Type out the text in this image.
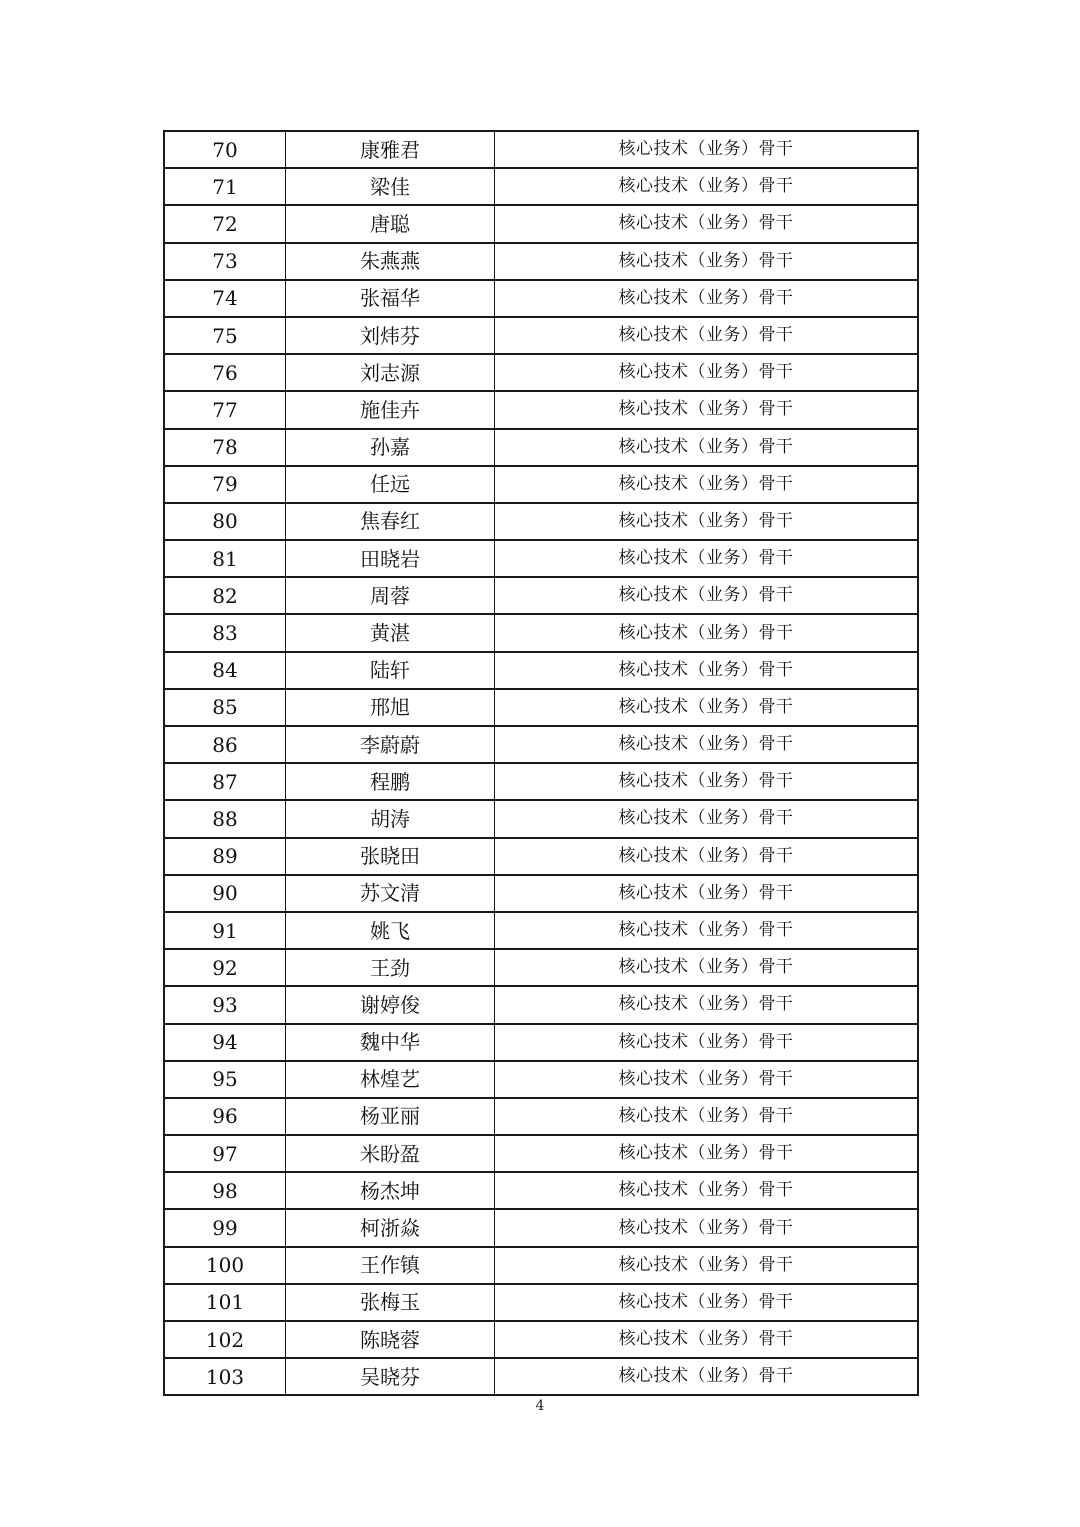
70	康雅君	核心技术（业务）骨干
71	梁佳	核心技术（业务）骨干
72	唐聪	核心技术（业务）骨干
73	朱燕燕	核心技术（业务）骨干
74	张福华	核心技术（业务）骨干
75	刘炜芬	核心技术（业务）骨干
76	刘志源	核心技术（业务）骨干
77	施佳卉	核心技术（业务）骨干
78	孙嘉	核心技术（业务）骨干
79	任远	核心技术（业务）骨干
80	焦春红	核心技术（业务）骨干
81	田晓岩	核心技术（业务）骨干
82	周蓉	核心技术（业务）骨干
83	黄湛	核心技术（业务）骨干
84	陆轩	核心技术（业务）骨干
85	邢旭	核心技术（业务）骨干
86	李蔚蔚	核心技术（业务）骨干
87	程鹏	核心技术（业务）骨干
88	胡涛	核心技术（业务）骨干
89	张晓田	核心技术（业务）骨干
90	苏文清	核心技术（业务）骨干
91	姚飞	核心技术（业务）骨干
92	王劲	核心技术（业务）骨干
93	谢婷俊	核心技术（业务）骨干
94	魏中华	核心技术（业务）骨干
95	林煌艺	核心技术（业务）骨干
96	杨亚丽	核心技术（业务）骨干
97	米盼盈	核心技术（业务）骨干
98	杨杰坤	核心技术（业务）骨干
99	柯浙焱	核心技术（业务）骨干
100	王作镇	核心技术（业务）骨干
101	张梅玉	核心技术（业务）骨干
102	陈晓蓉	核心技术（业务）骨干
103	吴晓芬	核心技术（业务）骨干
4
